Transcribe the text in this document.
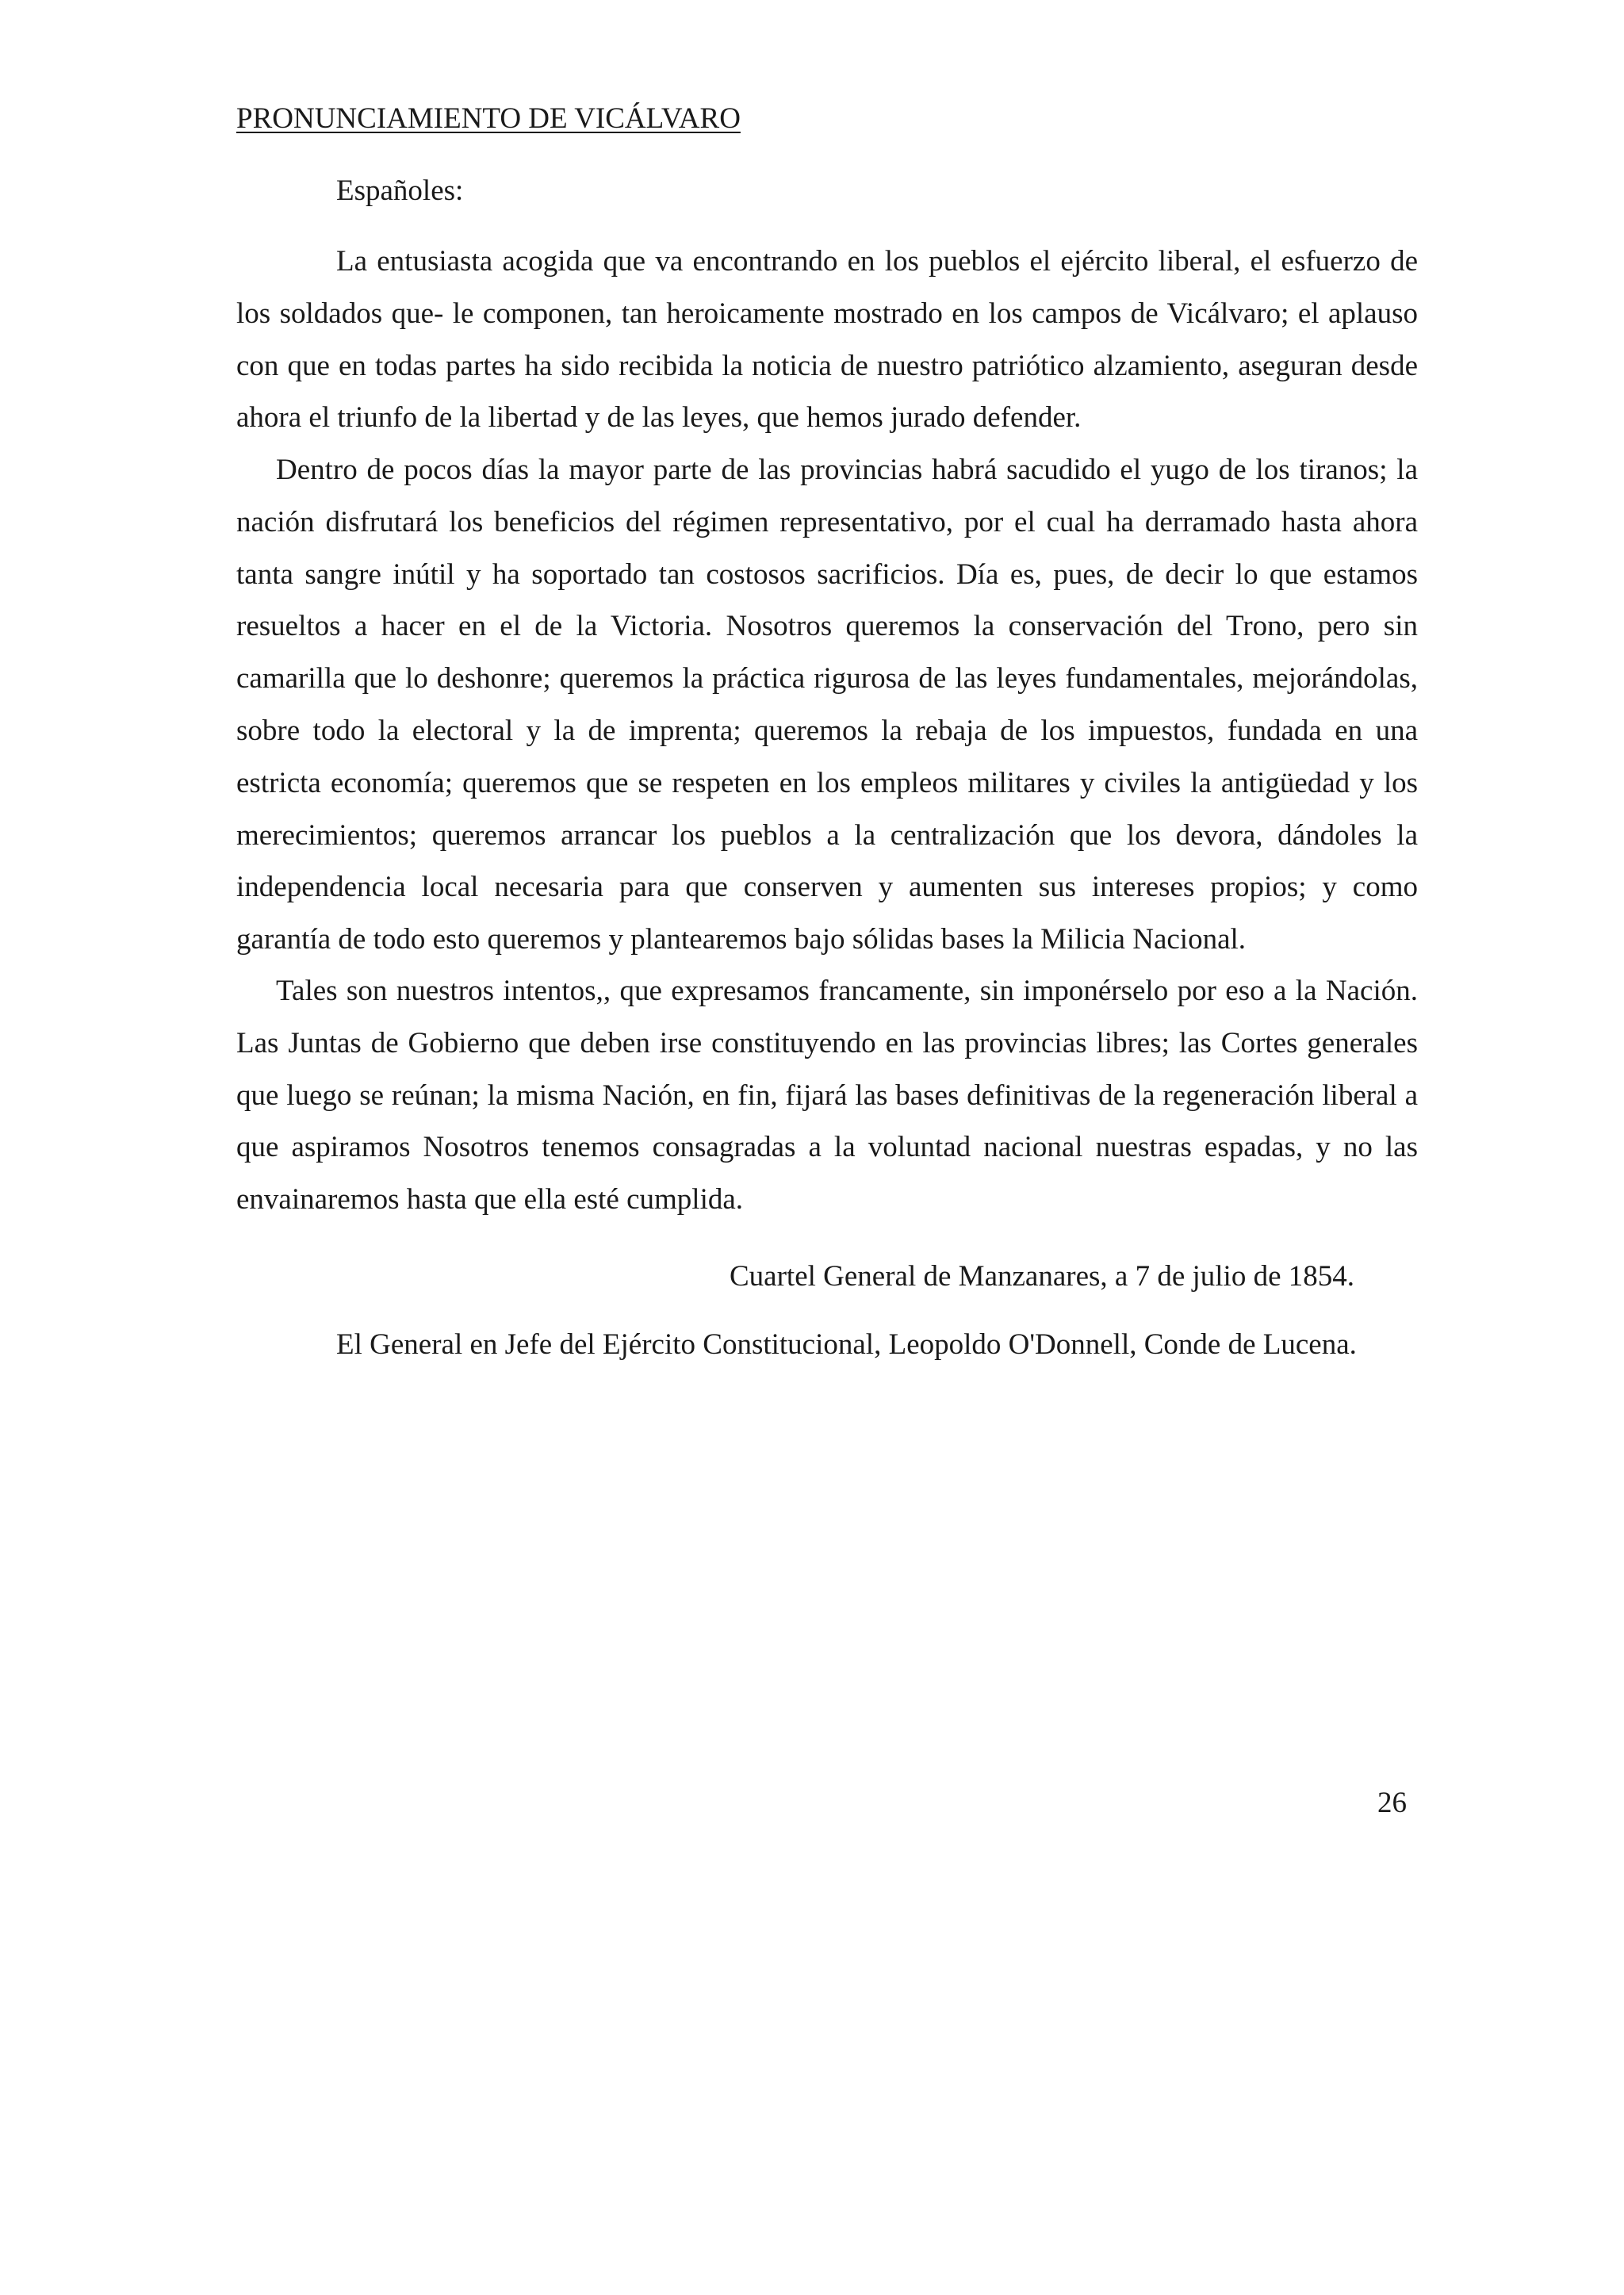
PRONUNCIAMIENTO DE VICÁLVARO

Españoles:

La entusiasta acogida que va encontrando en los pueblos el ejército liberal, el esfuerzo de los soldados que- le componen, tan heroicamente mostrado en los campos de Vicálvaro; el aplauso con que en todas partes ha sido recibida la noticia de nuestro patriótico alzamiento, aseguran desde ahora el triunfo de la libertad y de las leyes, que hemos jurado defender.

Dentro de pocos días la mayor parte de las provincias habrá sacudido el yugo de los tiranos; la nación disfrutará los beneficios del régimen representativo, por el cual ha derramado hasta ahora tanta sangre inútil y ha soportado tan costosos sacrificios. Día es, pues, de decir lo que estamos resueltos a hacer en el de la Victoria. Nosotros queremos la conservación del Trono, pero sin camarilla que lo deshonre; queremos la práctica rigurosa de las leyes fundamentales, mejorándolas, sobre todo la electoral y la de imprenta; queremos la rebaja de los impuestos, fundada en una estricta economía; queremos que se respeten en los empleos militares y civiles la antigüedad y los merecimientos; queremos arrancar los pueblos a la centralización que los devora, dándoles la independencia local necesaria para que conserven y aumenten sus intereses propios; y como garantía de todo esto queremos y plantearemos bajo sólidas bases la Milicia Nacional.

Tales son nuestros intentos,, que expresamos francamente, sin imponérselo por eso a la Nación. Las Juntas de Gobierno que deben irse constituyendo en las provincias libres; las Cortes generales que luego se reúnan; la misma Nación, en fin, fijará las bases definitivas de la regeneración liberal a que aspiramos Nosotros tenemos consagradas a la voluntad nacional nuestras espadas, y no las envainaremos hasta que ella esté cumplida.

Cuartel General de Manzanares, a 7 de julio de 1854.

El General en Jefe del Ejército Constitucional, Leopoldo O'Donnell, Conde de Lucena.

26
